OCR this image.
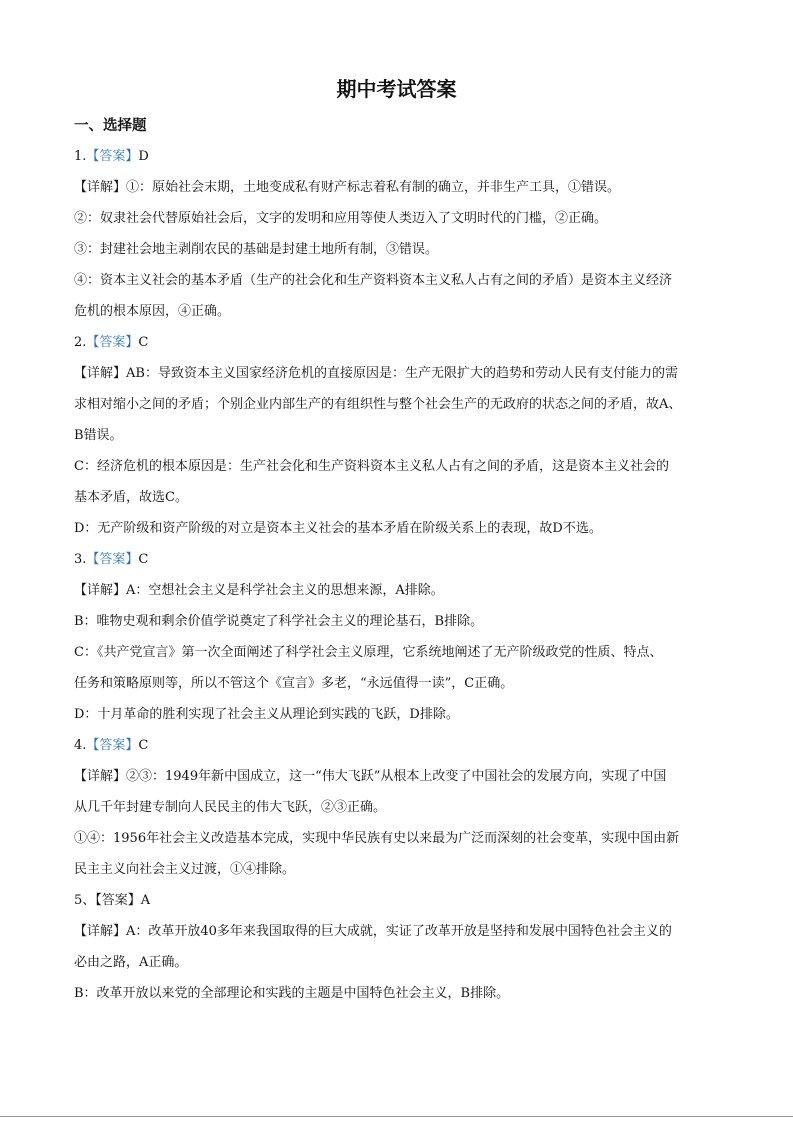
期中考试答案
一、选择题
1.【答案】D
【详解】①：原始社会末期，土地变成私有财产标志着私有制的确立，并非生产工具，①错误。
②：奴隶社会代替原始社会后，文字的发明和应用等使人类迈入了文明时代的门槛，②正确。
③：封建社会地主剥削农民的基础是封建土地所有制，③错误。
④：资本主义社会的基本矛盾（生产的社会化和生产资料资本主义私人占有之间的矛盾）是资本主义经济
危机的根本原因，④正确。
2.【答案】C
【详解】AB：导致资本主义国家经济危机的直接原因是：生产无限扩大的趋势和劳动人民有支付能力的需
求相对缩小之间的矛盾；个别企业内部生产的有组织性与整个社会生产的无政府的状态之间的矛盾，故A、
B错误。
C：经济危机的根本原因是：生产社会化和生产资料资本主义私人占有之间的矛盾，这是资本主义社会的
基本矛盾，故选C。
D：无产阶级和资产阶级的对立是资本主义社会的基本矛盾在阶级关系上的表现，故D不选。
3.【答案】C
【详解】A：空想社会主义是科学社会主义的思想来源，A排除。
B：唯物史观和剩余价值学说奠定了科学社会主义的理论基石，B排除。
C：《共产党宣言》第一次全面阐述了科学社会主义原理，它系统地阐述了无产阶级政党的性质、特点、
任务和策略原则等，所以不管这个《宣言》多老，“永远值得一读”，C正确。
D：十月革命的胜利实现了社会主义从理论到实践的飞跃，D排除。
4.【答案】C
【详解】②③：1949年新中国成立，这一“伟大飞跃”从根本上改变了中国社会的发展方向，实现了中国
从几千年封建专制向人民民主的伟大飞跃，②③正确。
①④：1956年社会主义改造基本完成，实现中华民族有史以来最为广泛而深刻的社会变革，实现中国由新
民主主义向社会主义过渡，①④排除。
5、【答案】A
【详解】A：改革开放40多年来我国取得的巨大成就，实证了改革开放是坚持和发展中国特色社会主义的
必由之路，A正确。
B：改革开放以来党的全部理论和实践的主题是中国特色社会主义，B排除。
